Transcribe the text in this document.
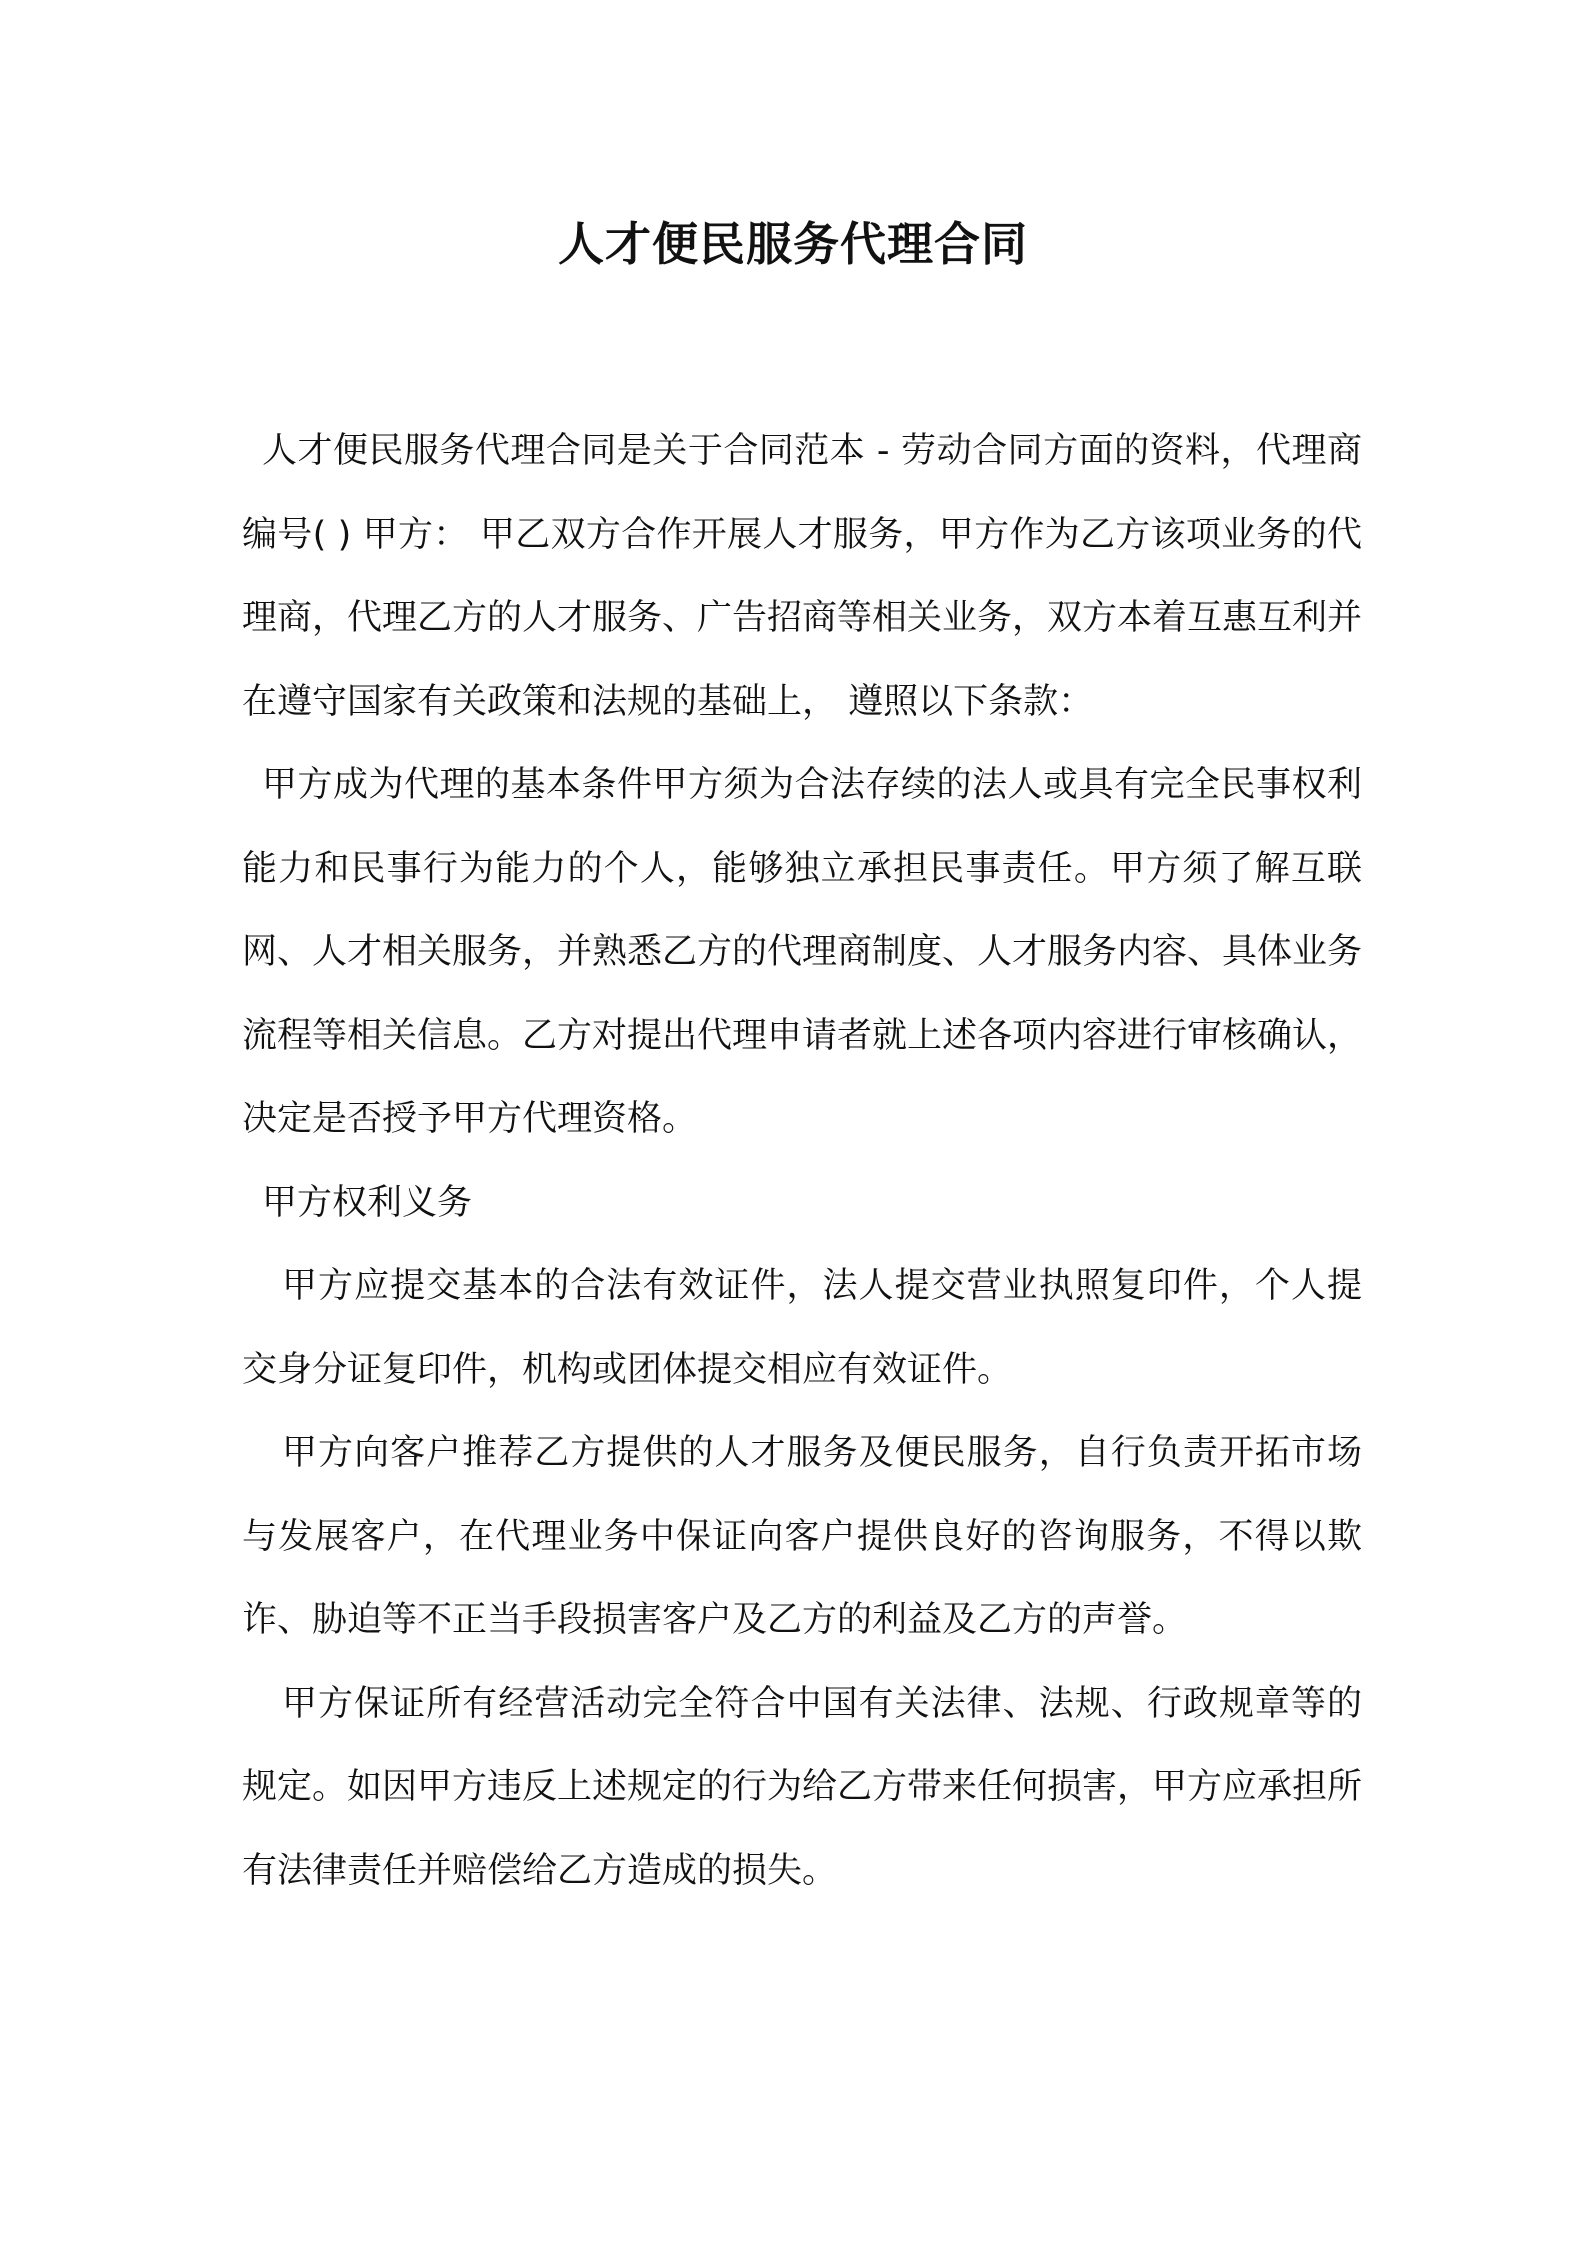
人才便民服务代理合同

人才便民服务代理合同是关于合同范本 - 劳动合同方面的资料，代理商编号( ) 甲方： 甲乙双方合作开展人才服务，甲方作为乙方该项业务的代理商，代理乙方的人才服务、广告招商等相关业务，双方本着互惠互利并在遵守国家有关政策和法规的基础上， 遵照以下条款：

甲方成为代理的基本条件甲方须为合法存续的法人或具有完全民事权利能力和民事行为能力的个人，能够独立承担民事责任。甲方须了解互联网、人才相关服务，并熟悉乙方的代理商制度、人才服务内容、具体业务流程等相关信息。乙方对提出代理申请者就上述各项内容进行审核确认，决定是否授予甲方代理资格。

甲方权利义务

甲方应提交基本的合法有效证件，法人提交营业执照复印件，个人提交身分证复印件，机构或团体提交相应有效证件。

甲方向客户推荐乙方提供的人才服务及便民服务，自行负责开拓市场与发展客户，在代理业务中保证向客户提供良好的咨询服务，不得以欺诈、胁迫等不正当手段损害客户及乙方的利益及乙方的声誉。

甲方保证所有经营活动完全符合中国有关法律、法规、行政规章等的规定。如因甲方违反上述规定的行为给乙方带来任何损害，甲方应承担所有法律责任并赔偿给乙方造成的损失。
